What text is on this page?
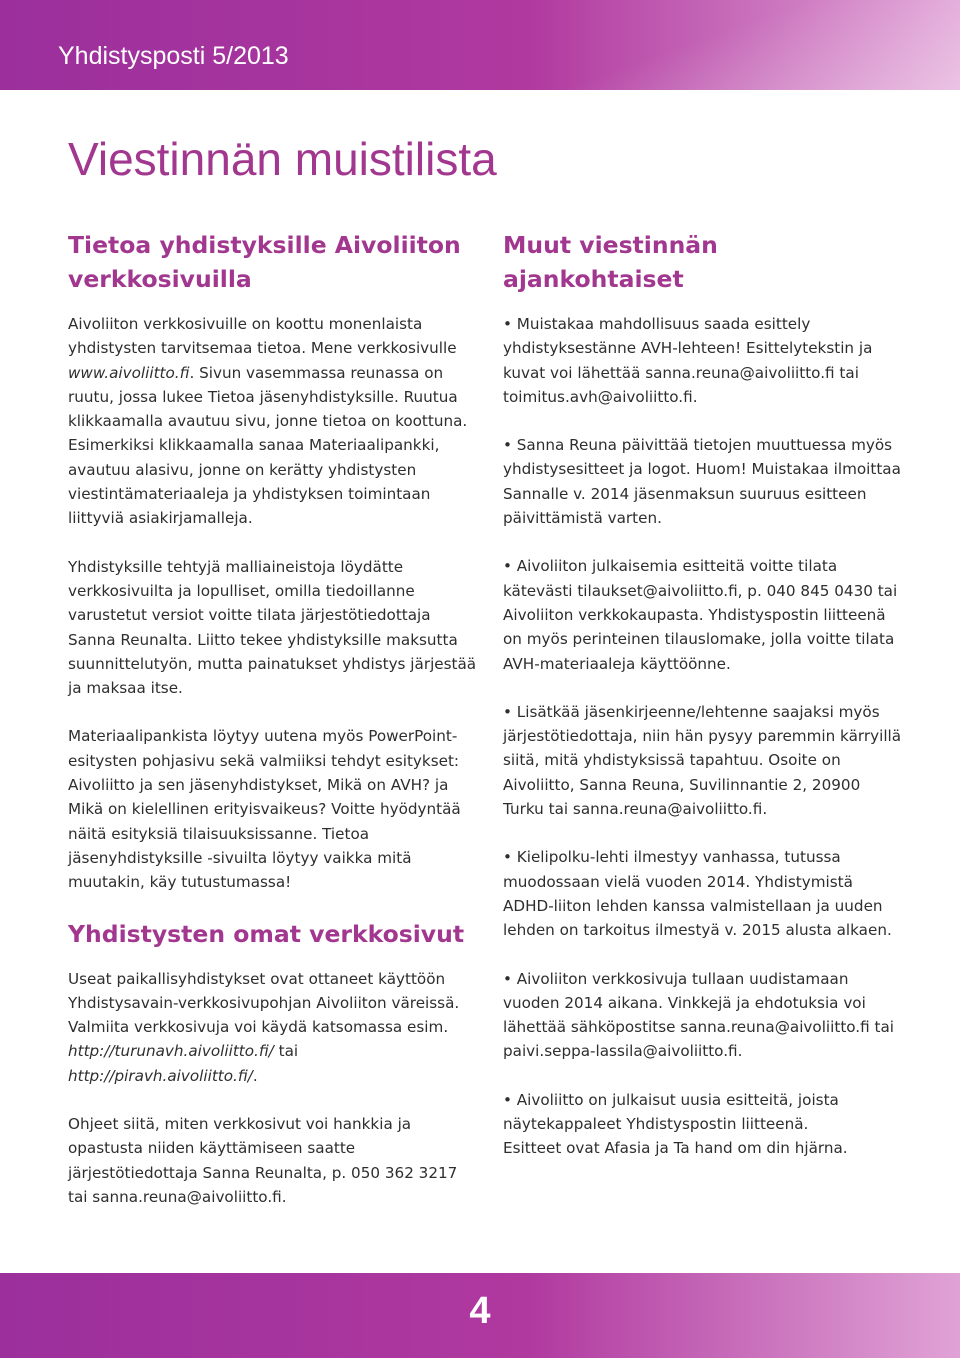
Yhdistysposti 5/2013
Viestinnän muistilista
Tietoa yhdistyksille Aivoliiton verkkosivuilla

Aivoliiton verkkosivuille on koottu monenlaista yhdistysten tarvitsemaa tietoa. Mene verkkosivulle www.aivoliitto.fi. Sivun vasemmassa reunassa on ruutu, jossa lukee Tietoa jäsenyhdistyksille. Ruutua klikkaamalla avautuu sivu, jonne tietoa on koottuna. Esimerkiksi klikkaamalla sanaa Materiaalipankki, avautuu alasivu, jonne on kerätty yhdistysten viestintämateriaaleja ja yhdistyksen toimintaan liittyviä asiakirjamalleja.

Yhdistyksille tehtyjä malliaineistoja löydätte verkkosivuilta ja lopulliset, omilla tiedoillanne varustetut versiot voitte tilata järjestötiedottaja Sanna Reunalta. Liitto tekee yhdistyksille maksutta suunnittelutyön, mutta painatukset yhdistys järjestää ja maksaa itse.

Materiaalipankista löytyy uutena myös PowerPoint-esitysten pohjasivu sekä valmiiksi tehdyt esitykset: Aivoliitto ja sen jäsenyhdistykset, Mikä on AVH? ja Mikä on kielellinen erityisvaikeus? Voitte hyödyntää näitä esityksiä tilaisuuksissanne. Tietoa jäsenyhdistyksille -sivuilta löytyy vaikka mitä muutakin, käy tutustumassa!

Yhdistysten omat verkkosivut

Useat paikallisyhdistykset ovat ottaneet käyttöön Yhdistysavain-verkkosivupohjan Aivoliiton väreissä. Valmiita verkkosivuja voi käydä katsomassa esim. http://turunavh.aivoliitto.fi/ tai http://piravh.aivoliitto.fi/.

Ohjeet siitä, miten verkkosivut voi hankkia ja opastusta niiden käyttämiseen saatte järjestötiedottaja Sanna Reunalta, p. 050 362 3217 tai sanna.reuna@aivoliitto.fi.

Muut viestinnän ajankohtaiset

• Muistakaa mahdollisuus saada esittely yhdistyksestänne AVH-lehteen! Esittelytekstin ja kuvat voi lähettää sanna.reuna@aivoliitto.fi tai toimitus.avh@aivoliitto.fi.

• Sanna Reuna päivittää tietojen muuttuessa myös yhdistysesitteet ja logot. Huom! Muistakaa ilmoittaa Sannalle v. 2014 jäsenmaksun suuruus esitteen päivittämistä varten.

• Aivoliiton julkaisemia esitteitä voitte tilata kätevästi tilaukset@aivoliitto.fi, p. 040 845 0430 tai Aivoliiton verkkokaupasta. Yhdistyspostin liitteenä on myös perinteinen tilauslomake, jolla voitte tilata AVH-materiaaleja käyttöönne.

• Lisätkää jäsenkirjeenne/lehtenne saajaksi myös järjestötiedottaja, niin hän pysyy paremmin kärryillä siitä, mitä yhdistyksissä tapahtuu. Osoite on Aivoliitto, Sanna Reuna, Suvilinnantie 2, 20900 Turku tai sanna.reuna@aivoliitto.fi.

• Kielipolku-lehti ilmestyy vanhassa, tutussa muodossaan vielä vuoden 2014. Yhdistymistä ADHD-liiton lehden kanssa valmistellaan ja uuden lehden on tarkoitus ilmestyä v. 2015 alusta alkaen.

• Aivoliiton verkkosivuja tullaan uudistamaan vuoden 2014 aikana. Vinkkejä ja ehdotuksia voi lähettää sähköpostitse sanna.reuna@aivoliitto.fi tai paivi.seppa-lassila@aivoliitto.fi.

• Aivoliitto on julkaisut uusia esitteitä, joista näytekappaleet Yhdistyspostin liitteenä.

Esitteet ovat Afasia ja Ta hand om din hjärna.

4
